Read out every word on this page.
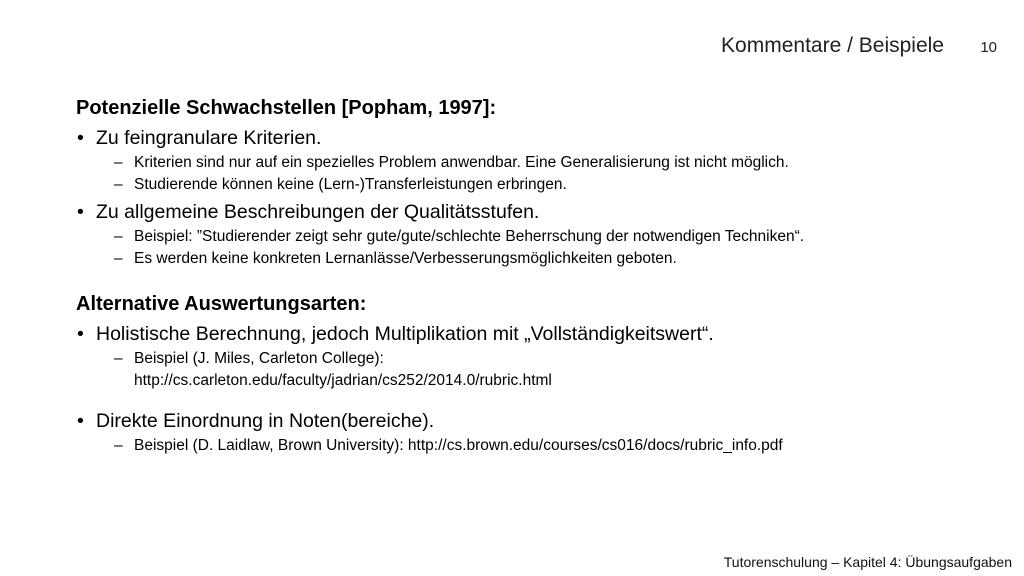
Kommentare / Beispiele 10

Potenzielle Schwachstellen [Popham, 1997]:

• Zu feingranulare Kriterien.
– Kriterien sind nur auf ein spezielles Problem anwendbar. Eine Generalisierung ist nicht möglich.
– Studierende können keine (Lern-)Transferleistungen erbringen.
• Zu allgemeine Beschreibungen der Qualitätsstufen.
– Beispiel: ”Studierender zeigt sehr gute/gute/schlechte Beherrschung der notwendigen Techniken“.
– Es werden keine konkreten Lernanlässe/Verbesserungsmöglichkeiten geboten.

Alternative Auswertungsarten:

• Holistische Berechnung, jedoch Multiplikation mit „Vollständigkeitswert“.
– Beispiel (J. Miles, Carleton College):
http://cs.carleton.edu/faculty/jadrian/cs252/2014.0/rubric.html
• Direkte Einordnung in Noten(bereiche).
– Beispiel (D. Laidlaw, Brown University): http://cs.brown.edu/courses/cs016/docs/rubric_info.pdf
Tutorenschulung – Kapitel 4: Übungsaufgaben
